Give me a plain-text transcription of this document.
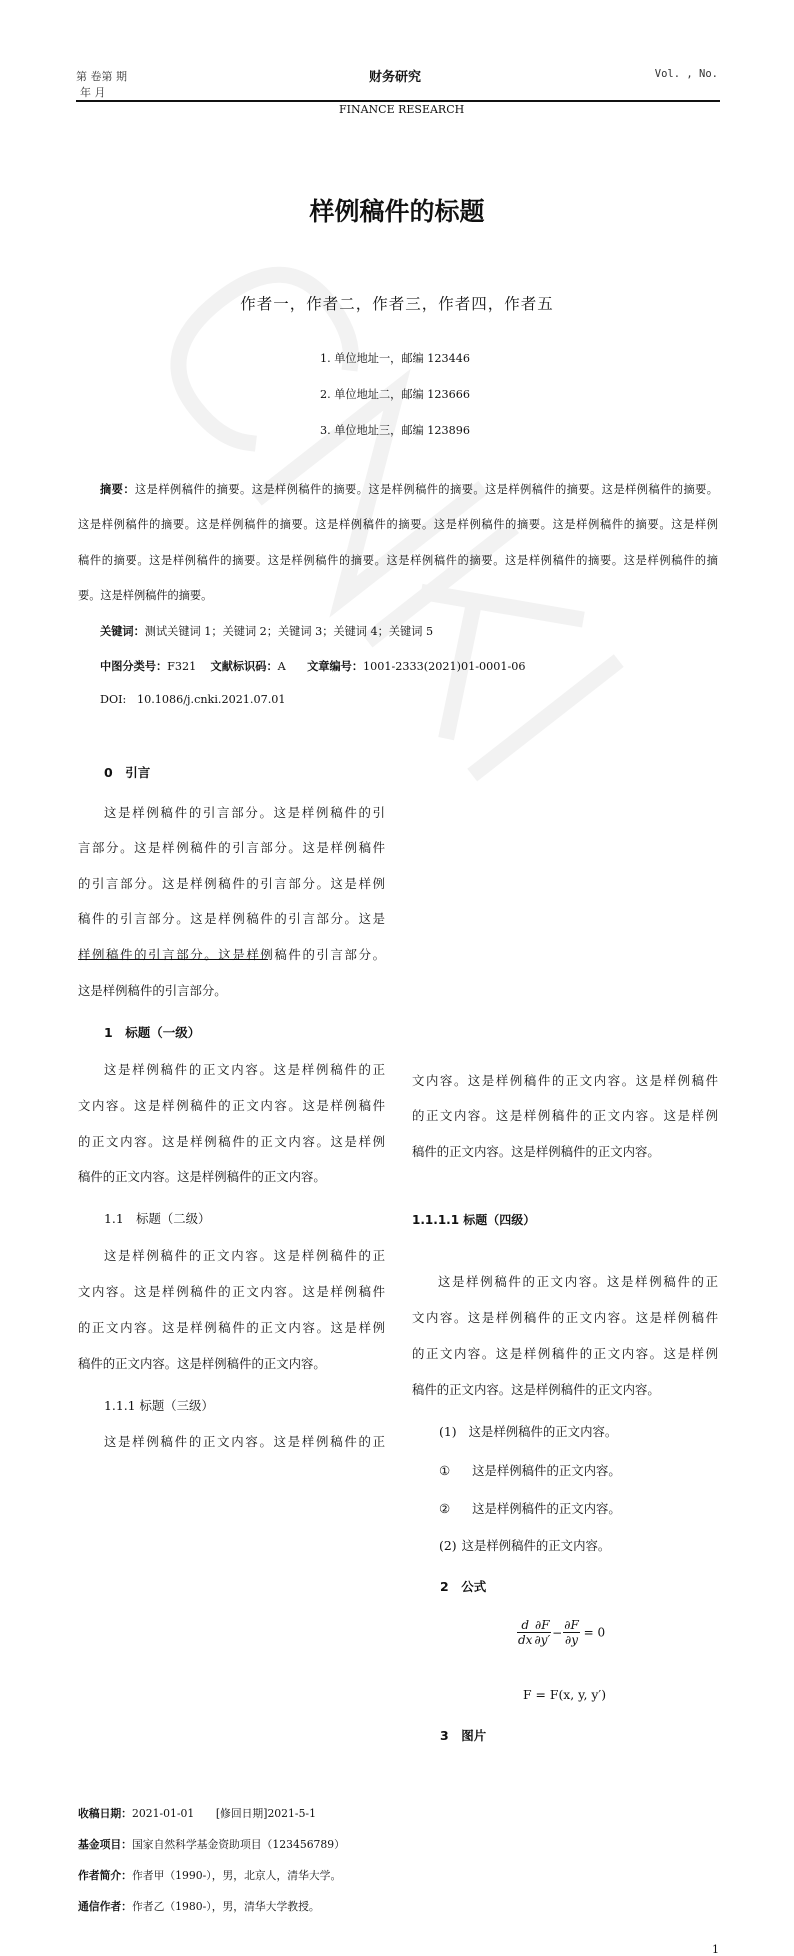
第 卷第 期
年 月
财务研究
FINANCE RESEARCH
Vol. , No.
样例稿件的标题
作者一，作者二，作者三，作者四，作者五
1. 单位地址一，邮编 123446
2. 单位地址二，邮编 123666
3. 单位地址三，邮编 123896
摘要：这是样例稿件的摘要。这是样例稿件的摘要。这是样例稿件的摘要。这是样例稿件的摘要。这是样例稿件的摘要。
这是样例稿件的摘要。这是样例稿件的摘要。这是样例稿件的摘要。这是样例稿件的摘要。这是样例稿件的摘要。这是样例
稿件的摘要。这是样例稿件的摘要。这是样例稿件的摘要。这是样例稿件的摘要。这是样例稿件的摘要。这是样例稿件的摘
要。这是样例稿件的摘要。
关键词：测试关键词 1；关键词 2；关键词 3；关键词 4；关键词 5
中图分类号：F321 文献标识码：A 文章编号：1001-2333(2021)01-0001-06
DOI: 10.1086/j.cnki.2021.07.01
0　引言
这是样例稿件的引言部分。这是样例稿件的引
言部分。这是样例稿件的引言部分。这是样例稿件
的引言部分。这是样例稿件的引言部分。这是样例
稿件的引言部分。这是样例稿件的引言部分。这是
样例稿件的引言部分。这是样例稿件的引言部分。
这是样例稿件的引言部分。
1　标题（一级）
这是样例稿件的正文内容。这是样例稿件的正
文内容。这是样例稿件的正文内容。这是样例稿件
的正文内容。这是样例稿件的正文内容。这是样例
稿件的正文内容。这是样例稿件的正文内容。
1.1　标题（二级）
这是样例稿件的正文内容。这是样例稿件的正
文内容。这是样例稿件的正文内容。这是样例稿件
的正文内容。这是样例稿件的正文内容。这是样例
稿件的正文内容。这是样例稿件的正文内容。
1.1.1 标题（三级）
这是样例稿件的正文内容。这是样例稿件的正
文内容。这是样例稿件的正文内容。这是样例稿件
的正文内容。这是样例稿件的正文内容。这是样例
稿件的正文内容。这是样例稿件的正文内容。
1.1.1.1 标题（四级）
这是样例稿件的正文内容。这是样例稿件的正
文内容。这是样例稿件的正文内容。这是样例稿件
的正文内容。这是样例稿件的正文内容。这是样例
稿件的正文内容。这是样例稿件的正文内容。
(1) 这是样例稿件的正文内容。
① 这是样例稿件的正文内容。
② 这是样例稿件的正文内容。
(2) 这是样例稿件的正文内容。
2　公式
$\frac{d}{dx} \frac{\partial F}{\partial y'} - \frac{\partial F}{\partial y} = 0$
F = F(x, y, y′)
3　图片
收稿日期：2021-01-01　　[修回日期]2021-5-1
基金项目：国家自然科学基金资助项目（123456789）
作者简介：作者甲（1990-），男，北京人，清华大学。
通信作者：作者乙（1980-），男，清华大学教授。
1
